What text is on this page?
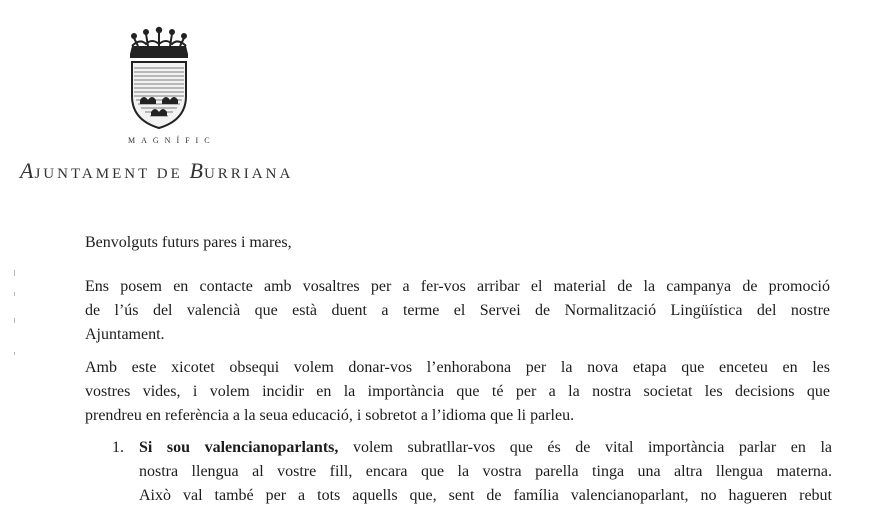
MAGNÍFIC
AJUNTAMENT DE BURRIANA
Benvolguts futurs pares i mares,
Ens posem en contacte amb vosaltres per a fer-vos arribar el material de la campanya de promoció
de l’ús del valencià que està duent a terme el Servei de Normalització Lingüística del nostre
Ajuntament.
Amb este xicotet obsequi volem donar-vos l’enhorabona per la nova etapa que enceteu en les
vostres vides, i volem incidir en la importància que té per a la nostra societat les decisions que
prendreu en referència a la seua educació, i sobretot a l’idioma que li parleu.
1. Si sou valencianoparlants, volem subratllar-vos que és de vital importància parlar en la
nostra llengua al vostre fill, encara que la vostra parella tinga una altra llengua materna.
Això val també per a tots aquells que, sent de família valencianoparlant, no hagueren rebut
